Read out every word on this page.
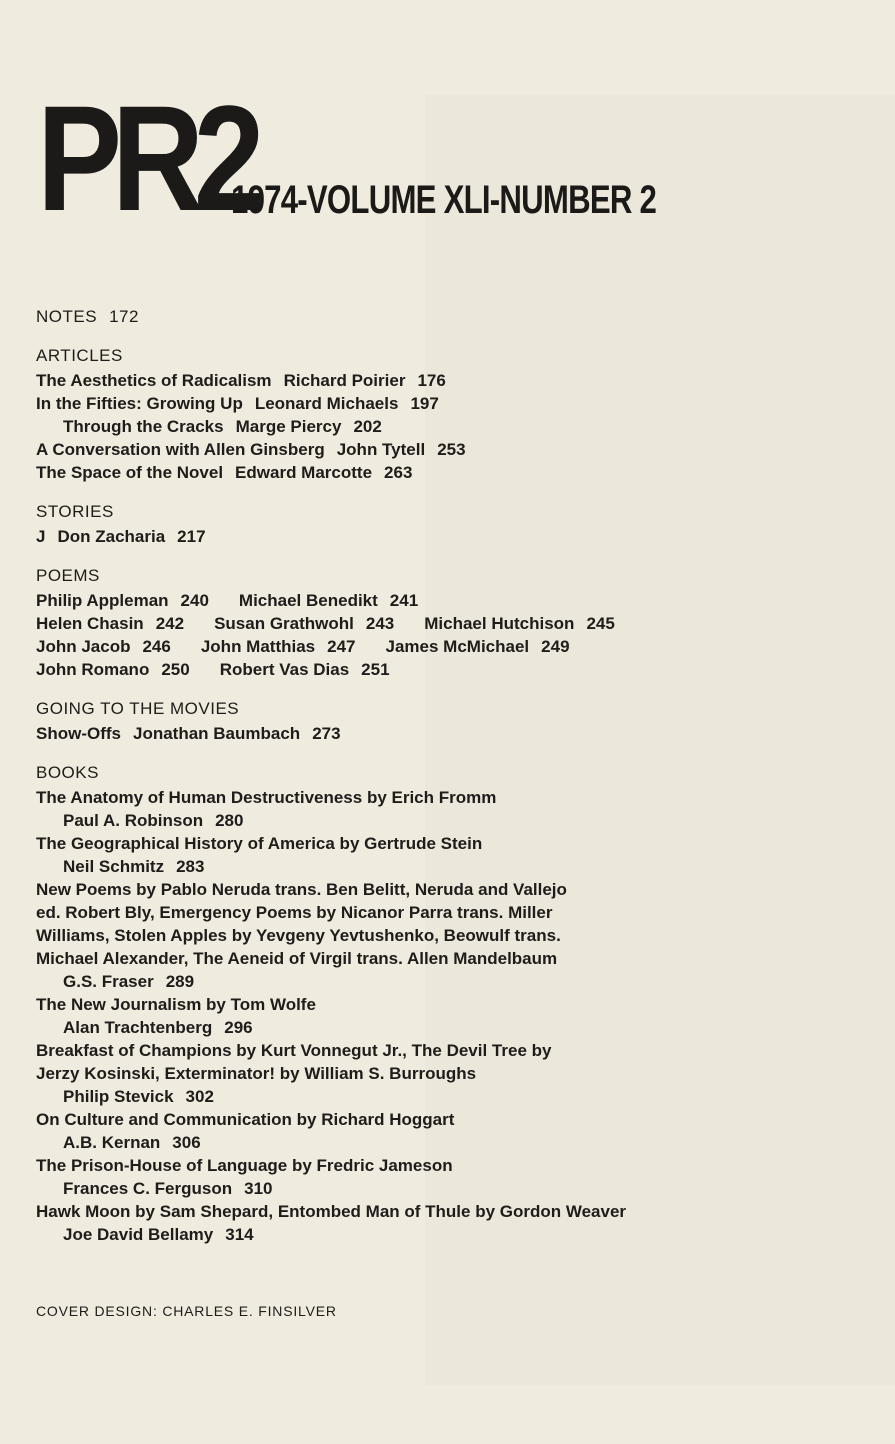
PR2
1974-VOLUME XLI-NUMBER 2
NOTES 172
ARTICLES
The Aesthetics of Radicalism Richard Poirier 176
In the Fifties: Growing Up Leonard Michaels 197
Through the Cracks Marge Piercy 202
A Conversation with Allen Ginsberg John Tytell 253
The Space of the Novel Edward Marcotte 263
STORIES
J Don Zacharia 217
POEMS
Philip Appleman 240 Michael Benedikt 241
Helen Chasin 242 Susan Grathwohl 243 Michael Hutchison 245
John Jacob 246 John Matthias 247 James McMichael 249
John Romano 250 Robert Vas Dias 251
GOING TO THE MOVIES
Show-Offs Jonathan Baumbach 273
BOOKS
The Anatomy of Human Destructiveness by Erich Fromm
Paul A. Robinson 280
The Geographical History of America by Gertrude Stein
Neil Schmitz 283
New Poems by Pablo Neruda trans. Ben Belitt, Neruda and Vallejo
ed. Robert Bly, Emergency Poems by Nicanor Parra trans. Miller
Williams, Stolen Apples by Yevgeny Yevtushenko, Beowulf trans.
Michael Alexander, The Aeneid of Virgil trans. Allen Mandelbaum
G.S. Fraser 289
The New Journalism by Tom Wolfe
Alan Trachtenberg 296
Breakfast of Champions by Kurt Vonnegut Jr., The Devil Tree by
Jerzy Kosinski, Exterminator! by William S. Burroughs
Philip Stevick 302
On Culture and Communication by Richard Hoggart
A.B. Kernan 306
The Prison-House of Language by Fredric Jameson
Frances C. Ferguson 310
Hawk Moon by Sam Shepard, Entombed Man of Thule by Gordon Weaver
Joe David Bellamy 314
COVER DESIGN: CHARLES E. FINSILVER
